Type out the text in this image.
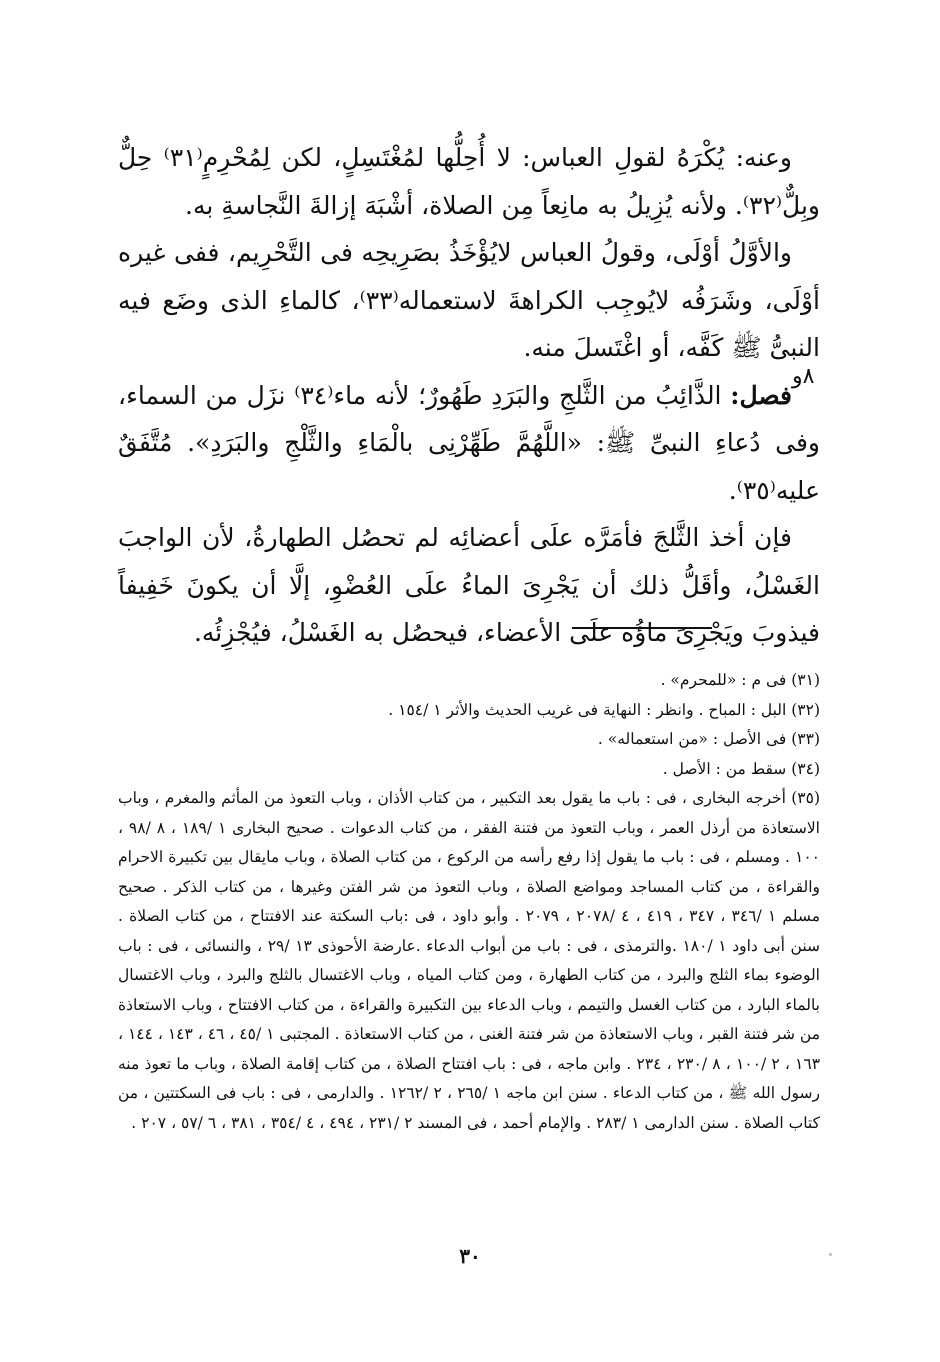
وعنه: يُكْرَهُ لقولِ العباس: لا أُحِلُّها لمُغْتَسِلٍ، لكن لِمُحْرِمٍ⁽٣١⁾ حِلٌّ وبِلٌّ⁽٣٢⁾. ولأنه يُزِيلُ به مانِعاً مِن الصلاة، أشْبَهَ إزالةَ النَّجاسةِ به.

والأوَّلُ أوْلَى، وقولُ العباس لايُؤْخَذُ بصَرِيحِه فى التَّحْرِيم، ففى غيره أوْلَى، وشَرَفُه لايُوجِب الكراهةَ لاستعماله⁽٣٣⁾، كالماءِ الذى وضَع فيه النبىُّ ﷺ كَفَّه، أو اغْتَسلَ منه.

فصل: الذَّائِبُ من الثَّلجِ والبَرَدِ طَهُورٌ؛ لأنه ماء⁽٣٤⁾ نزَل من السماء، وفى دُعاءِ النبىِّ ﷺ: «اللَّهُمَّ طَهِّرْنِى بالْمَاءِ والثَّلْجِ والبَرَدِ». مُتَّفَقٌ عليه⁽٣٥⁾.

فإن أخذ الثَّلجَ فأمَرَّه علَى أعضائِه لم تحصُل الطهارةُ، لأن الواجبَ الغَسْلُ، وأقَلُّ ذلك أن يَجْرِىَ الماءُ علَى العُضْوِ، إلَّا أن يكونَ خَفِيفاً فيذوبَ ويَجْرِىَ ماؤُه علَى الأعضاء، فيحصُل به الغَسْلُ، فيُجْزِئُه.

٨و

(٣١) فى م : «للمحرم» .

(٣٢) البل : المباح . وانظر : النهاية فى غريب الحديث والأثر ١ /١٥٤ .

(٣٣) فى الأصل : «من استعماله» .

(٣٤) سقط من : الأصل .

(٣٥) أخرجه البخارى ، فى : باب ما يقول بعد التكبير ، من كتاب الأذان ، وباب التعوذ من المأثم والمغرم ، وباب الاستعاذة من أرذل العمر ، وباب التعوذ من فتنة الفقر ، من كتاب الدعوات . صحيح البخارى ١ /١٨٩ ، ٨ /٩٨ ، ١٠٠ . ومسلم ، فى : باب ما يقول إذا رفع رأسه من الركوع ، من كتاب الصلاة ، وباب مايقال بين تكبيرة الاحرام والقراءة ، من كتاب المساجد ومواضع الصلاة ، وباب التعوذ من شر الفتن وغيرها ، من كتاب الذكر . صحيح مسلم ١ /٣٤٦ ، ٣٤٧ ، ٤١٩ ، ٤ /٢٠٧٨ ، ٢٠٧٩ . وأبو داود ، فى :باب السكتة عند الافتتاح ، من كتاب الصلاة . سنن أبى داود ١ /١٨٠ .والترمذى ، فى : باب من أبواب الدعاء .عارضة الأحوذى ١٣ /٢٩ ، والنسائى ، فى : باب الوضوء بماء الثلج والبرد ، من كتاب الطهارة ، ومن كتاب المياه ، وباب الاغتسال بالثلج والبرد ، وباب الاغتسال بالماء البارد ، من كتاب الغسل والتيمم ، وباب الدعاء بين التكبيرة والقراءة ، من كتاب الافتتاح ، وباب الاستعاذة من شر فتنة القبر ، وباب الاستعاذة من شر فتنة الغنى ، من كتاب الاستعاذة . المجتبى ١ /٤٥ ، ٤٦ ، ١٤٣ ، ١٤٤ ، ١٦٣ ، ٢ /١٠٠ ، ٨ /٢٣٠ ، ٢٣٤ . وابن ماجه ، فى : باب افتتاح الصلاة ، من كتاب إقامة الصلاة ، وباب ما تعوذ منه رسول الله ﷺ ، من كتاب الدعاء . سنن ابن ماجه ١ /٢٦٥ ، ٢ /١٢٦٢ . والدارمى ، فى : باب فى السكتتين ، من كتاب الصلاة . سنن الدارمى ١ /٢٨٣ . والإمام أحمد ، فى المسند ٢ /٢٣١ ، ٤٩٤ ، ٤ /٣٥٤ ، ٣٨١ ، ٦ /٥٧ ، ٢٠٧ .

٣٠
